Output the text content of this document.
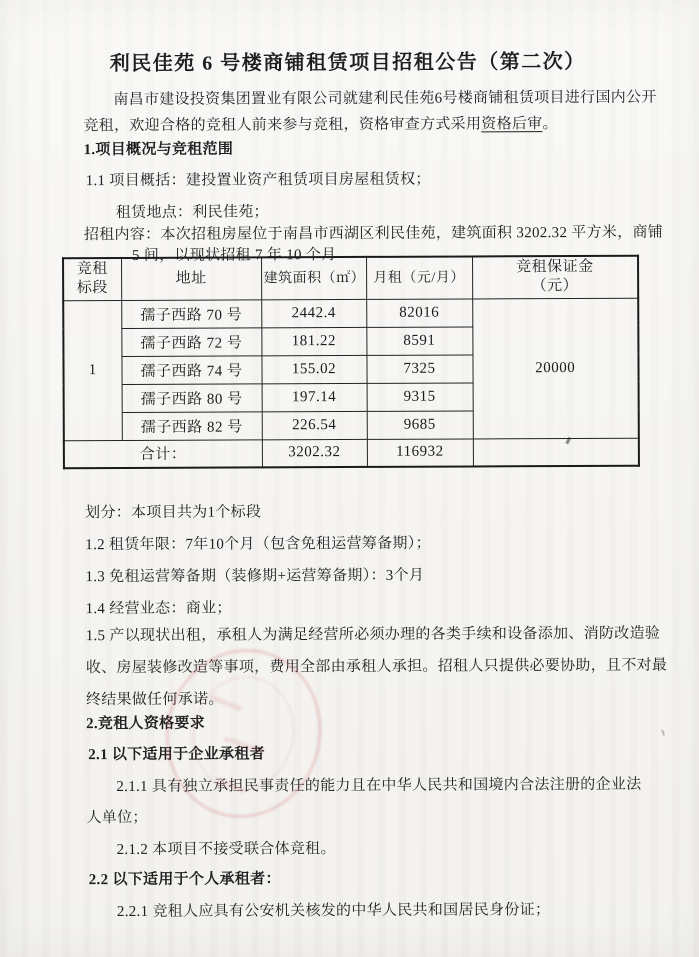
利民佳苑 6 号楼商铺租赁项目招租公告（第二次）
南昌市建设投资集团置业有限公司就建利民佳苑6号楼商铺租赁项目进行国内公开
竞租，欢迎合格的竞租人前来参与竞租，资格审查方式采用资格后审。
1.项目概况与竞租范围
1.1 项目概括：建投置业资产租赁项目房屋租赁权；
租赁地点：利民佳苑；
招租内容：本次招租房屋位于南昌市西湖区利民佳苑，建筑面积 3202.32 平方米，商铺
5 间，以现状招租 7 年 10 个月
竞租标段	地址	建筑面积（㎡）	月租（元/月）	竞租保证金（元）

1	孺子西路 70 号	2442.4	82016	20000
	孺子西路 72 号	181.22	8591	
	孺子西路 74 号	155.02	7325	
	孺子西路 80 号	197.14	9315	
	孺子西路 82 号	226.54	9685	
合计：		3202.32	116932	
划分：本项目共为1个标段
1.2 租赁年限：7年10个月（包含免租运营筹备期）；
1.3 免租运营筹备期（装修期+运营筹备期）：3个月
1.4 经营业态：商业；
1.5 产以现状出租，承租人为满足经营所必须办理的各类手续和设备添加、消防改造验
收、房屋装修改造等事项，费用全部由承租人承担。招租人只提供必要协助，且不对最
终结果做任何承诺。
2.竞租人资格要求
2.1 以下适用于企业承租者
2.1.1 具有独立承担民事责任的能力且在中华人民共和国境内合法注册的企业法
人单位；
2.1.2 本项目不接受联合体竞租。
2.2 以下适用于个人承租者：
2.2.1 竞租人应具有公安机关核发的中华人民共和国居民身份证；
